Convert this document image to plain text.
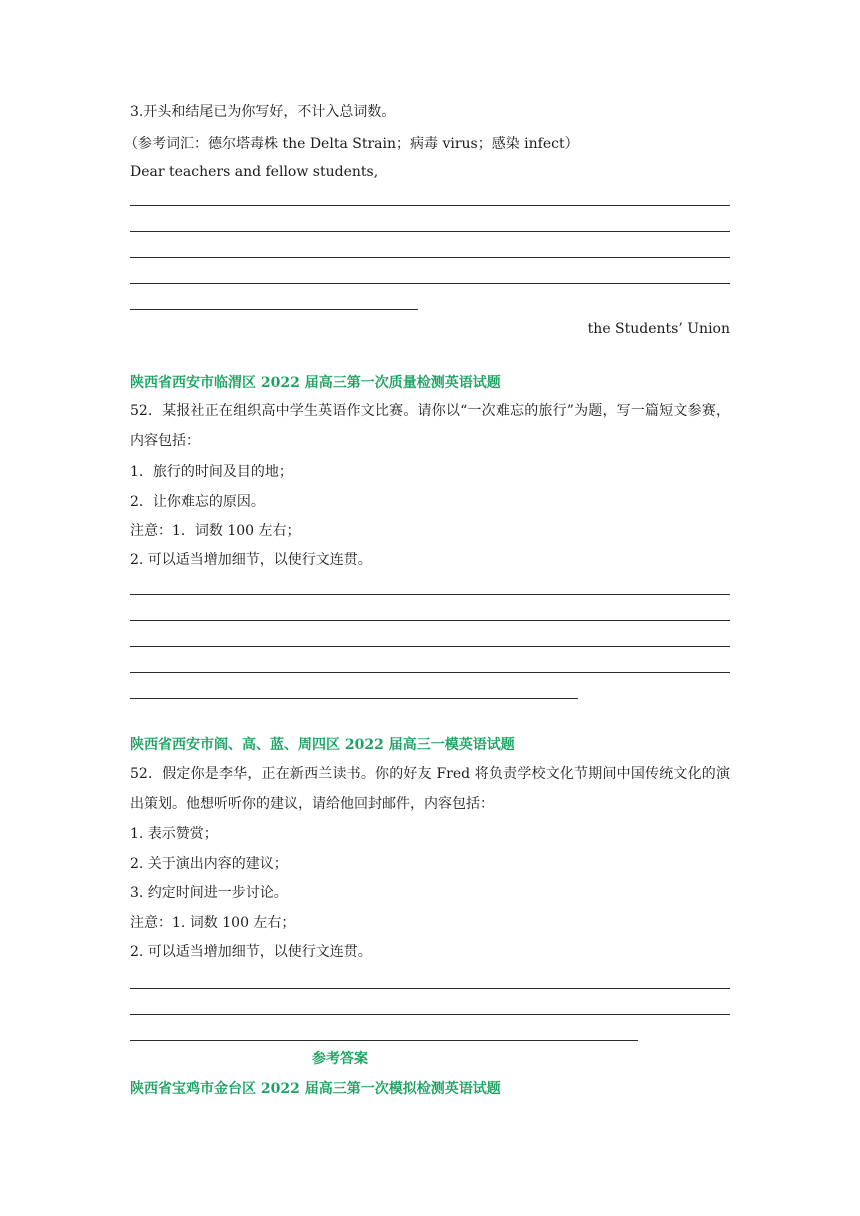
3.开头和结尾已为你写好，不计入总词数。
（参考词汇：德尔塔毒株 the Delta Strain；病毒 virus；感染 infect）
Dear teachers and fellow students,
the Students’ Union
陕西省西安市临渭区 2022 届高三第一次质量检测英语试题
52．某报社正在组织高中学生英语作文比赛。请你以“一次难忘的旅行”为题，写一篇短文参赛，内容包括：
1．旅行的时间及目的地；
2．让你难忘的原因。
注意：1．词数 100 左右；
2. 可以适当增加细节，以使行文连贯。
陕西省西安市阎、高、蓝、周四区 2022 届高三一模英语试题
52．假定你是李华，正在新西兰读书。你的好友 Fred 将负责学校文化节期间中国传统文化的演出策划。他想听听你的建议，请给他回封邮件，内容包括：
1. 表示赞赏；
2. 关于演出内容的建议；
3. 约定时间进一步讨论。
注意：1. 词数 100 左右；
2. 可以适当增加细节，以使行文连贯。
参考答案
陕西省宝鸡市金台区 2022 届高三第一次模拟检测英语试题
